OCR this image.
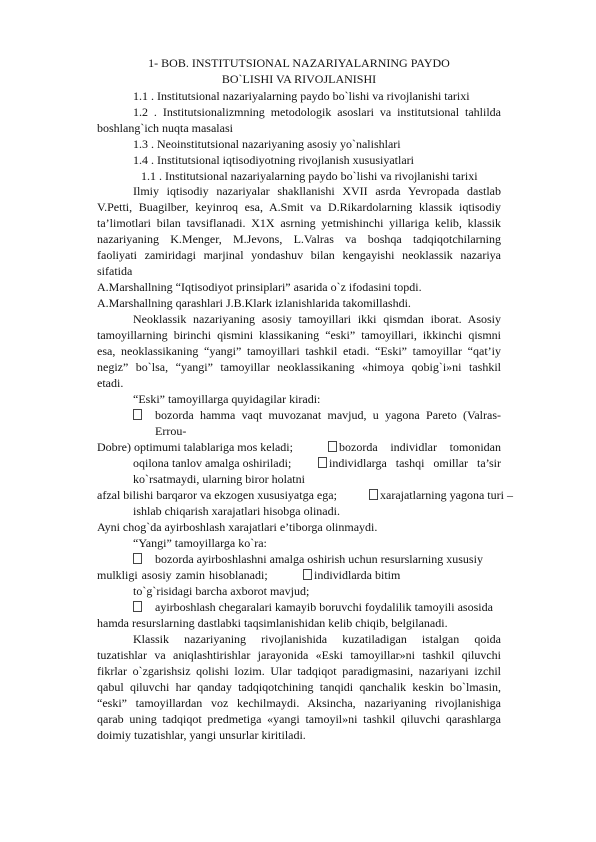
1- BOB. INSTITUTSIONAL NAZARIYALARNING PAYDO
BO`LISHI VA RIVOJLANISHI
1.1 . Institutsional nazariyalarning paydo bo`lishi va rivojlanishi tarixi
1.2 . Institutsionalizmning metodologik asoslari va institutsional tahlilda
boshlang`ich nuqta masalasi
1.3 . Neoinstitutsional nazariyaning asosiy yo`nalishlari
1.4 . Institutsional iqtisodiyotning rivojlanish xususiyatlari
1.1 . Institutsional nazariyalarning paydo bo`lishi va rivojlanishi tarixi
Ilmiy iqtisodiy nazariyalar shakllanishi XVII asrda Yevropada dastlab
V.Petti, Buagilber, keyinroq esa, A.Smit va D.Rikardolarning klassik iqtisodiy
ta’limotlari bilan tavsiflanadi. X1X asrning yetmishinchi yillariga kelib, klassik
nazariyaning K.Menger, M.Jevons, L.Valras va boshqa tadqiqotchilarning
faoliyati zamiridagi marjinal yondashuv bilan kengayishi neoklassik nazariya
sifatida
A.Marshallning “Iqtisodiyot prinsiplari” asarida o`z ifodasini topdi.
A.Marshallning qarashlari J.B.Klark izlanishlarida takomillashdi.
Neoklassik nazariyaning asosiy tamoyillari ikki qismdan iborat. Asosiy
tamoyillarning birinchi qismini klassikaning “eski” tamoyillari, ikkinchi qismni
esa, neoklassikaning “yangi” tamoyillari tashkil etadi. “Eski” tamoyillar “qat’iy
negiz” bo`lsa, “yangi” tamoyillar neoklassikaning «himoya qobig`i»ni tashkil
etadi.
“Eski” tamoyillarga quyidagilar kiradi:
bozorda hamma vaqt muvozanat mavjud, u yagona Pareto (Valras-
Errou-
Dobre) optimumi talablariga mos keladi;	bozorda individlar tomonidan
oqilona tanlov amalga oshiriladi;	individlarga tashqi omillar ta’sir
ko`rsatmaydi, ularning biror holatni
afzal bilishi barqaror va ekzogen xususiyatga ega;	xarajatlarning yagona turi –
ishlab chiqarish xarajatlari hisobga olinadi.
Ayni chog`da ayirboshlash xarajatlari e’tiborga olinmaydi.
“Yangi” tamoyillarga ko`ra:
bozorda ayirboshlashni amalga oshirish uchun resurslarning xususiy
mulkligi asosiy zamin hisoblanadi;	individlarda bitim
to`g`risidagi barcha axborot mavjud;
ayirboshlash chegaralari kamayib boruvchi foydalilik tamoyili asosida
hamda resurslarning dastlabki taqsimlanishidan kelib chiqib, belgilanadi.
Klassik nazariyaning rivojlanishida kuzatiladigan istalgan qoida
tuzatishlar va aniqlashtirishlar jarayonida «Eski tamoyillar»ni tashkil qiluvchi
fikrlar o`zgarishsiz qolishi lozim. Ular tadqiqot paradigmasini, nazariyani izchil
qabul qiluvchi har qanday tadqiqotchining tanqidi qanchalik keskin bo`lmasin,
“eski” tamoyillardan voz kechilmaydi. Aksincha, nazariyaning rivojlanishiga
qarab uning tadqiqot predmetiga «yangi tamoyil»ni tashkil qiluvchi qarashlarga
doimiy tuzatishlar, yangi unsurlar kiritiladi.
